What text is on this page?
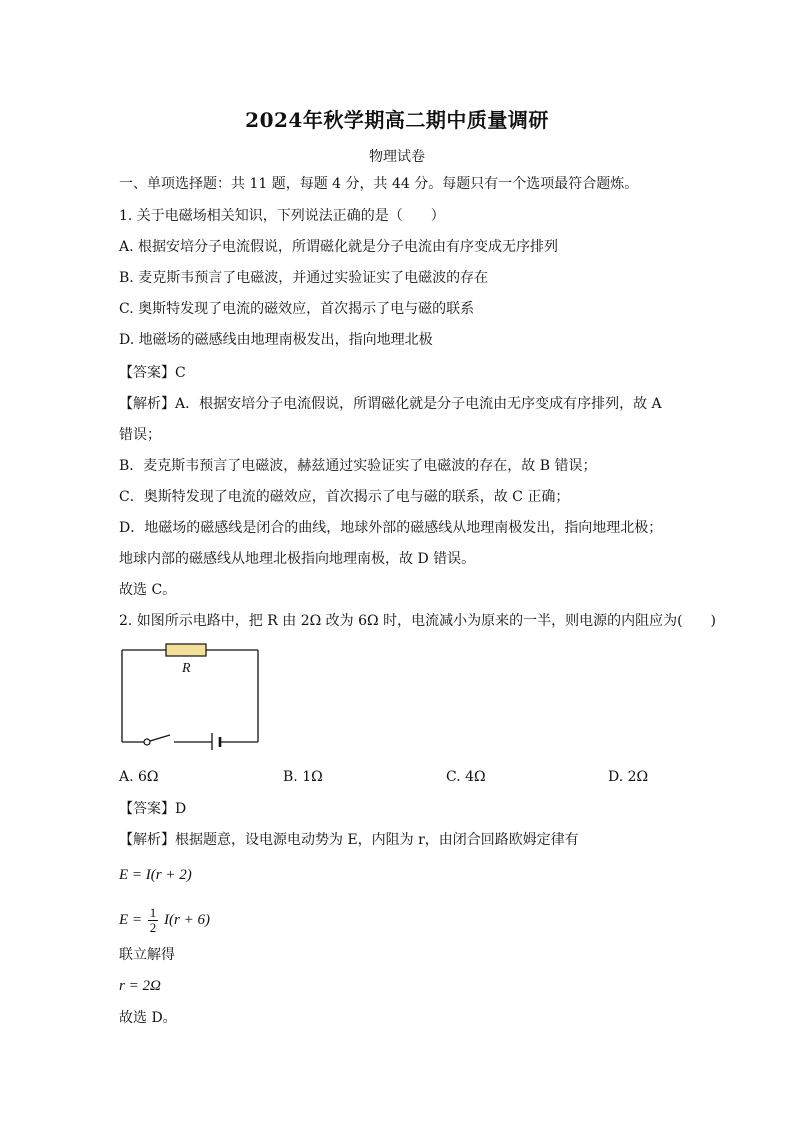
2024年秋学期高二期中质量调研
物理试卷
一、单项选择题：共 11 题，每题 4 分，共 44 分。每题只有一个选项最符合题炼。
1. 关于电磁场相关知识，下列说法正确的是（　　）
A. 根据安培分子电流假说，所谓磁化就是分子电流由有序变成无序排列
B. 麦克斯韦预言了电磁波，并通过实验证实了电磁波的存在
C. 奥斯特发现了电流的磁效应，首次揭示了电与磁的联系
D. 地磁场的磁感线由地理南极发出，指向地理北极
【答案】C
【解析】A．根据安培分子电流假说，所谓磁化就是分子电流由无序变成有序排列，故 A
错误；
B．麦克斯韦预言了电磁波，赫兹通过实验证实了电磁波的存在，故 B 错误；
C．奥斯特发现了电流的磁效应，首次揭示了电与磁的联系，故 C 正确；
D．地磁场的磁感线是闭合的曲线，地球外部的磁感线从地理南极发出，指向地理北极；
地球内部的磁感线从地理北极指向地理南极，故 D 错误。
故选 C。
2. 如图所示电路中，把 R 由 2Ω 改为 6Ω 时，电流减小为原来的一半，则电源的内阻应为(　　)
R
A. 6Ω	B. 1Ω	C. 4Ω	D. 2Ω
【答案】D
【解析】根据题意，设电源电动势为 E，内阻为 r，由闭合回路欧姆定律有
E = I(r + 2)
$E = \frac{1}{2} I(r + 6)$
联立解得
r = 2Ω
故选 D。
